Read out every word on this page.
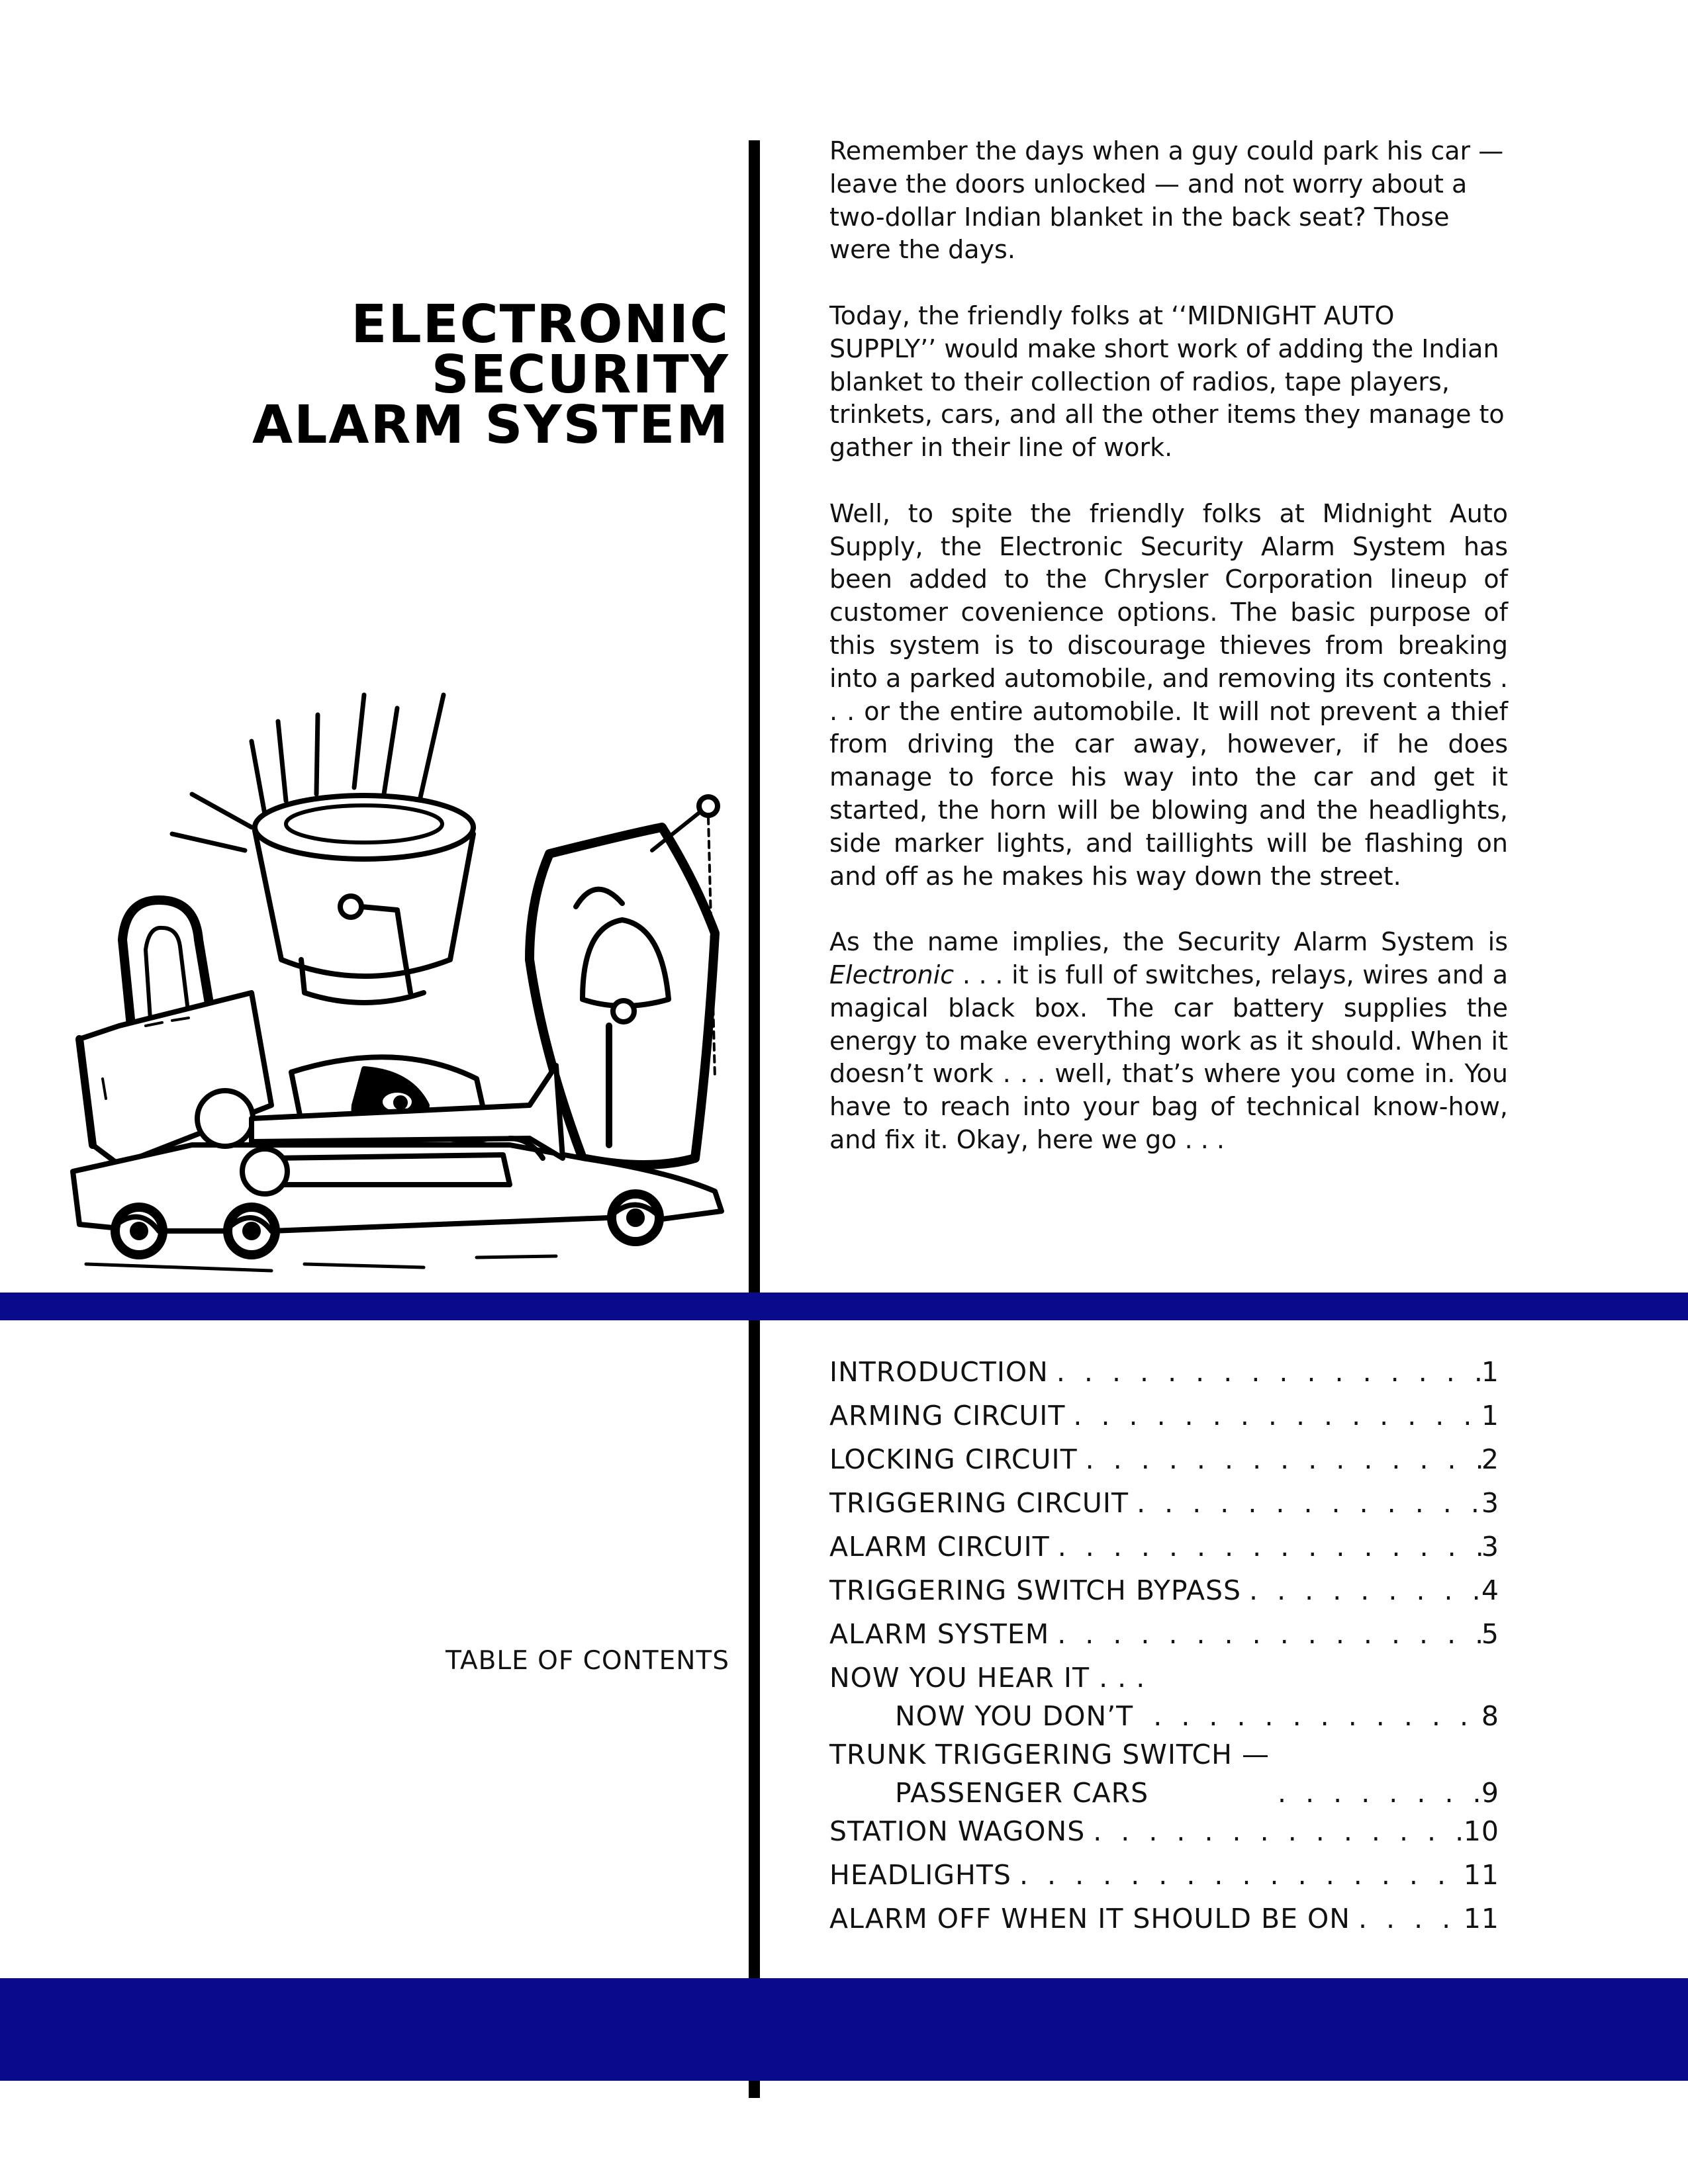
ELECTRONIC
SECURITY
ALARM SYSTEM

Remember the days when a guy could park his car — leave the doors unlocked — and not worry about a two-dollar Indian blanket in the back seat? Those were the days.

Today, the friendly folks at ‘‘MIDNIGHT AUTO SUPPLY’’ would make short work of adding the Indian blanket to their collection of radios, tape players, trinkets, cars, and all the other items they manage to gather in their line of work.

Well, to spite the friendly folks at Midnight Auto Supply, the Electronic Security Alarm System has been added to the Chrysler Corporation lineup of customer covenience options. The basic purpose of this system is to discourage thieves from breaking into a parked automobile, and removing its contents . . . or the entire automobile. It will not prevent a thief from driving the car away, however, if he does manage to force his way into the car and get it started, the horn will be blowing and the headlights, side marker lights, and taillights will be flashing on and off as he makes his way down the street.

As the name implies, the Security Alarm System is Electronic . . . it is full of switches, relays, wires and a magical black box. The car battery supplies the energy to make everything work as it should. When it doesn’t work . . . well, that’s where you come in. You have to reach into your bag of technical know-how, and fix it. Okay, here we go . . .

TABLE OF CONTENTS
INTRODUCTION . . .	1
ARMING CIRCUIT . . .	1
LOCKING CIRCUIT . . .	2
TRIGGERING CIRCUIT . . .	3
ALARM CIRCUIT . . .	3
TRIGGERING SWITCH BYPASS . . .	4
ALARM SYSTEM . . .	5
NOW YOU HEAR IT . . .
NOW YOU DON’T . . .	8
TRUNK TRIGGERING SWITCH —
PASSENGER CARS . . .	9
STATION WAGONS . . .	10
HEADLIGHTS . . .	11
ALARM OFF WHEN IT SHOULD BE ON . . .	11
